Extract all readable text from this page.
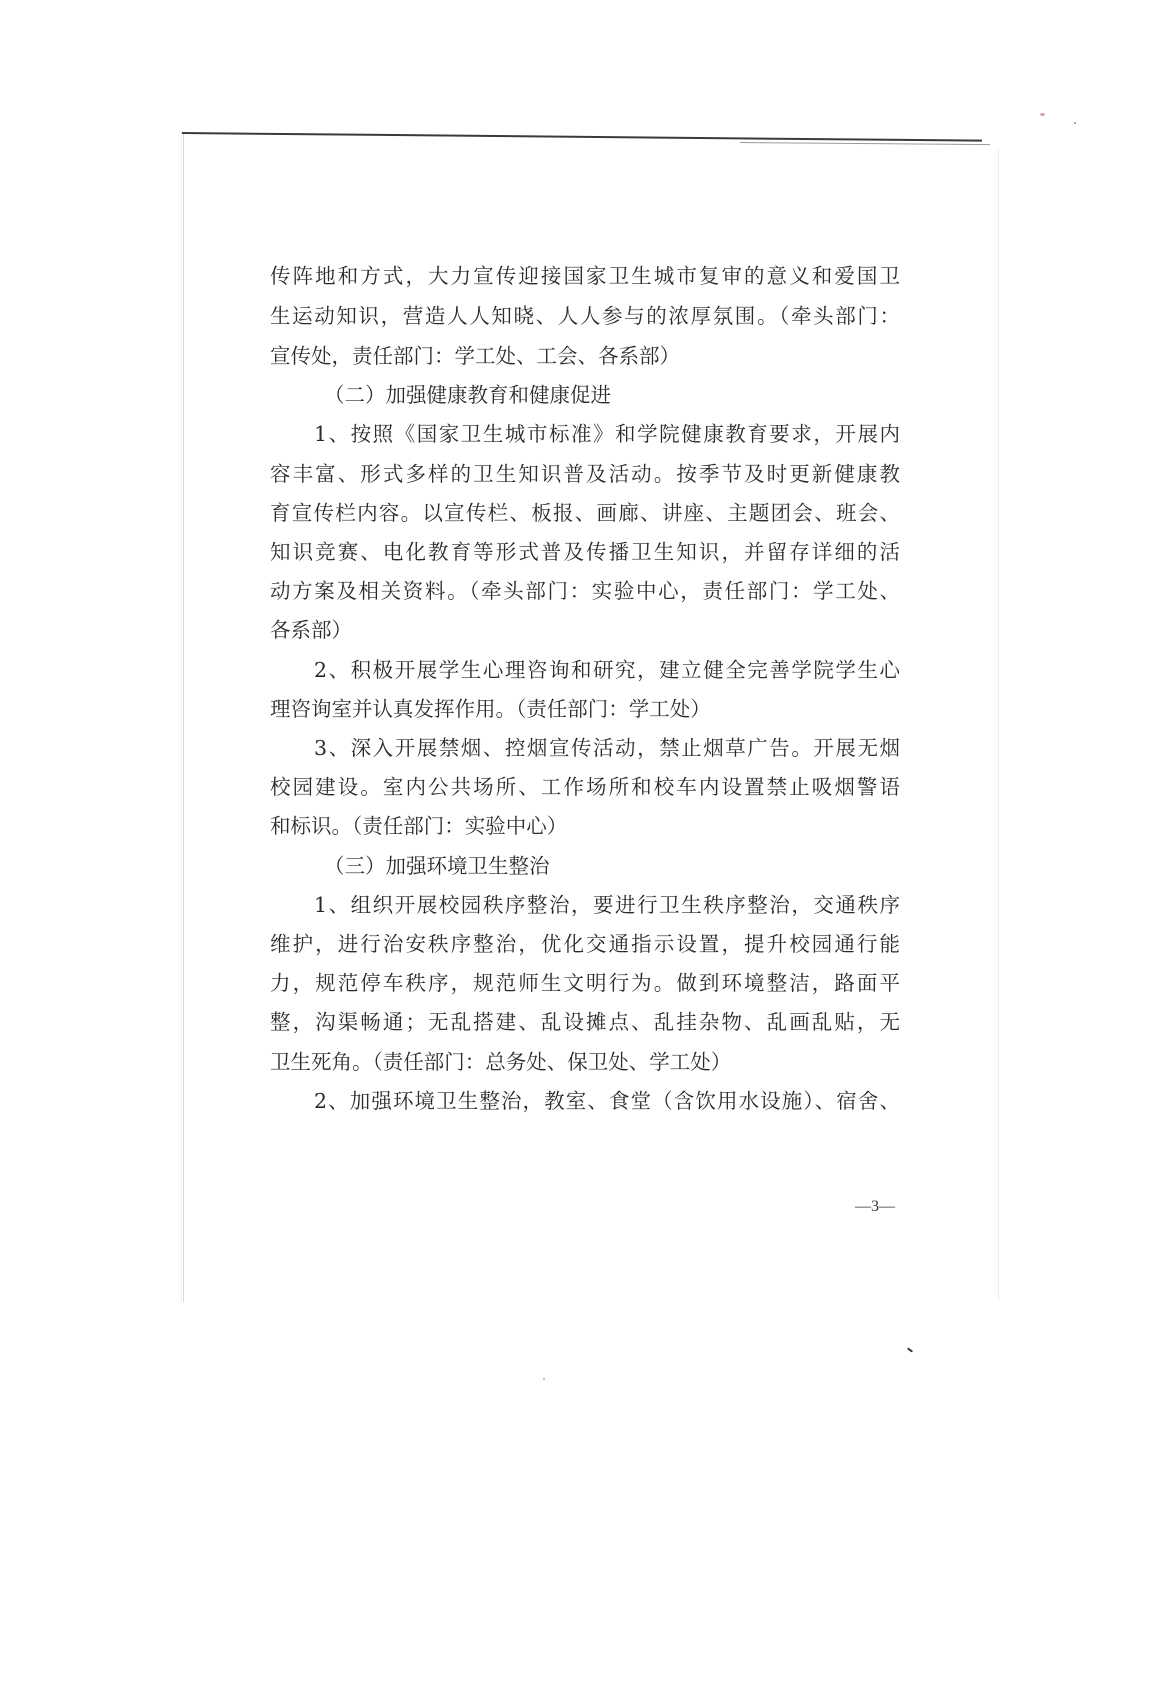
传阵地和方式，大力宣传迎接国家卫生城市复审的意义和爱国卫
生运动知识，营造人人知晓、人人参与的浓厚氛围。（牵头部门：
宣传处，责任部门：学工处、工会、各系部）
（二）加强健康教育和健康促进
1、按照《国家卫生城市标准》和学院健康教育要求，开展内
容丰富、形式多样的卫生知识普及活动。按季节及时更新健康教
育宣传栏内容。以宣传栏、板报、画廊、讲座、主题团会、班会、
知识竞赛、电化教育等形式普及传播卫生知识，并留存详细的活
动方案及相关资料。（牵头部门：实验中心，责任部门：学工处、
各系部）
2、积极开展学生心理咨询和研究，建立健全完善学院学生心
理咨询室并认真发挥作用。（责任部门：学工处）
3、深入开展禁烟、控烟宣传活动，禁止烟草广告。开展无烟
校园建设。室内公共场所、工作场所和校车内设置禁止吸烟警语
和标识。（责任部门：实验中心）
（三）加强环境卫生整治
1、组织开展校园秩序整治，要进行卫生秩序整治，交通秩序
维护，进行治安秩序整治，优化交通指示设置，提升校园通行能
力，规范停车秩序，规范师生文明行为。做到环境整洁，路面平
整，沟渠畅通；无乱搭建、乱设摊点、乱挂杂物、乱画乱贴，无
卫生死角。（责任部门：总务处、保卫处、学工处）
2、加强环境卫生整治，教室、食堂（含饮用水设施）、宿舍、
—3—
